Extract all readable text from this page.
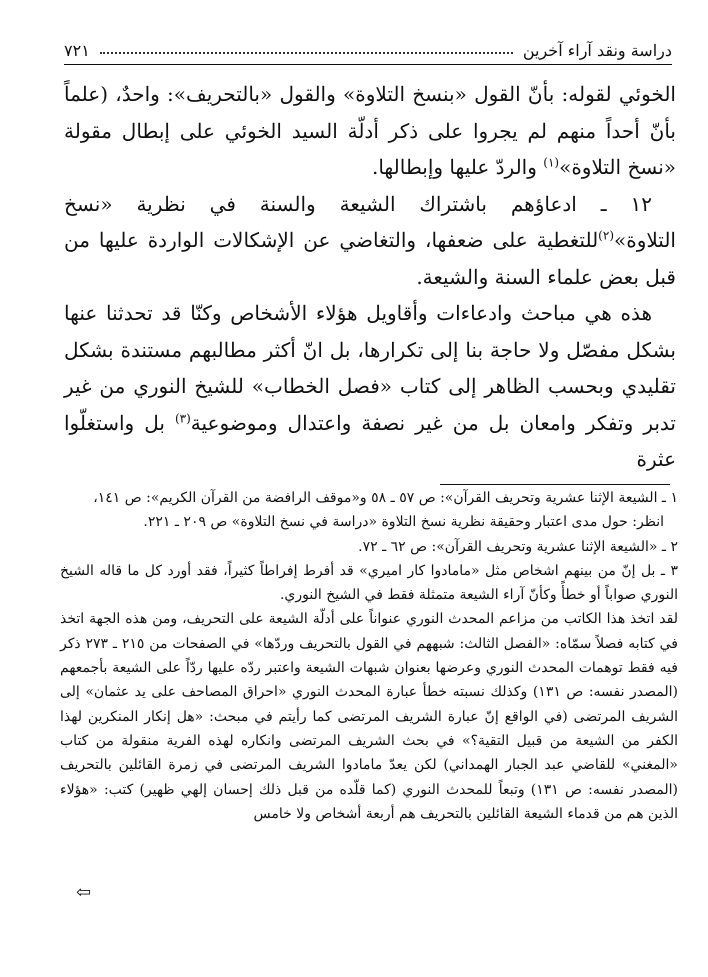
دراسة ونقد آراء آخرين
٧٢١

الخوئي لقوله: بأنّ القول «بنسخ التلاوة» والقول «بالتحريف»: واحدٌ، (علماً بأنّ أحداً منهم لم يجروا على ذكر أدلّة السيد الخوئي على إبطال مقولة «نسخ التلاوة»$^{(١)}$ والردّ عليها وإبطالها.

١٢ ـ ادعاؤهم باشتراك الشيعة والسنة في نظرية «نسخ التلاوة»$^{(٢)}$للتغطية على ضعفها، والتغاضي عن الإشكالات الواردة عليها من قبل بعض علماء السنة والشيعة.

هذه هي مباحث وادعاءات وأقاويل هؤلاء الأشخاص وكنّا قد تحدثنا عنها بشكل مفصّل ولا حاجة بنا إلى تكرارها، بل انّ أكثر مطالبهم مستندة بشكل تقليدي وبحسب الظاهر إلى كتاب «فصل الخطاب» للشيخ النوري من غير تدبر وتفكر وامعان بل من غير نصفة واعتدال وموضوعية$^{(٣)}$ بل واستغلّوا عثرة

١ ـ الشيعة الإثنا عشرية وتحريف القرآن»: ص ٥٧ ـ ٥٨ و«موقف الرافضة من القرآن الكريم»: ص ١٤١،

انظر: حول مدى اعتبار وحقيقة نظرية نسخ التلاوة «دراسة في نسخ التلاوة» ص ٢٠٩ ـ ٢٢١.

٢ ـ «الشيعة الإثنا عشرية وتحريف القرآن»: ص ٦٢ ـ ٧٢.

٣ ـ بل إنّ من بينهم اشخاص مثل «مامادوا كار اميري» قد أفرط إفراطاً كثيراً، فقد أورد كل ما قاله الشيخ النوري صواباً أو خطأً وكأنّ آراء الشيعة متمثلة فقط في الشيخ النوري.

لقد اتخذ هذا الكاتب من مزاعم المحدث النوري عنواناً على أدلّة الشيعة على التحريف، ومن هذه الجهة اتخذ في كتابه فصلاً سمّاه: «الفصل الثالث: شبههم في القول بالتحريف وردّها» في الصفحات من ٢١٥ ـ ٢٧٣ ذكر فيه فقط توهمات المحدث النوري وعرضها بعنوان شبهات الشيعة واعتبر ردّه عليها ردّاً على الشيعة بأجمعهم (المصدر نفسه: ص ١٣١) وكذلك نسبته خطأ عبارة المحدث النوري «احراق المصاحف على يد عثمان» إلى الشريف المرتضى (في الواقع إنّ عبارة الشريف المرتضى كما رأيتم في مبحث: «هل إنكار المنكرين لهذا الكفر من الشيعة من قبيل التقية؟» في بحث الشريف المرتضى وانكاره لهذه الفرية منقولة من كتاب «المغني» للقاضي عبد الجبار الهمداني) لكن يعدّ مامادوا الشريف المرتضى في زمرة القائلين بالتحريف (المصدر نفسه: ص ١٣١) وتبعاً للمحدث النوري (كما قلّده من قبل ذلك إحسان إلهي ظهير) كتب: «هؤلاء الذين هم من قدماء الشيعة القائلين بالتحريف هم أربعة أشخاص ولا خامس

⇦
